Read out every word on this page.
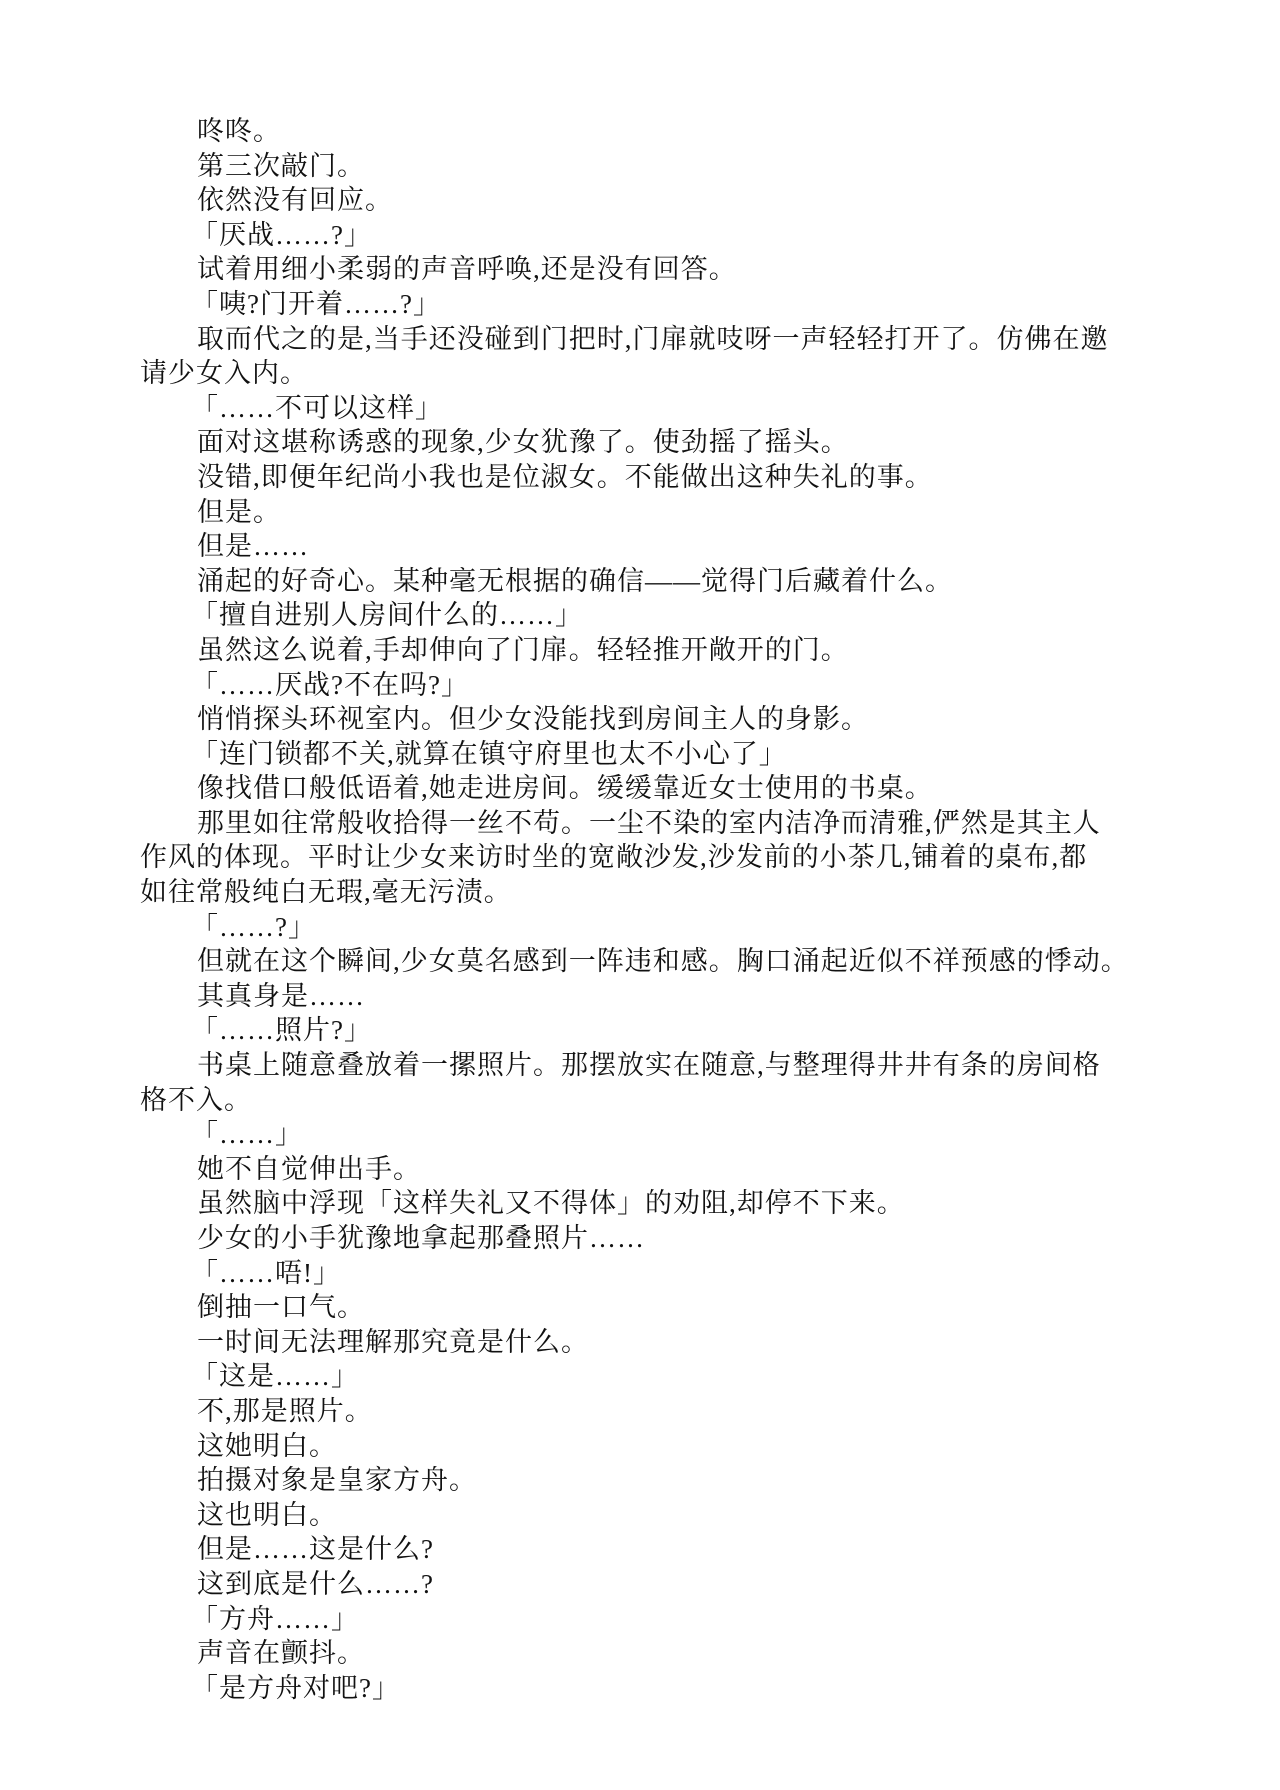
咚咚。

第三次敲门。

依然没有回应。

「厌战……?」

试着用细小柔弱的声音呼唤,还是没有回答。

「咦?门开着……?」

取而代之的是,当手还没碰到门把时,门扉就吱呀一声轻轻打开了。仿佛在邀

请少女入内。

「……不可以这样」

面对这堪称诱惑的现象,少女犹豫了。使劲摇了摇头。

没错,即便年纪尚小我也是位淑女。不能做出这种失礼的事。

但是。

但是……

涌起的好奇心。某种毫无根据的确信——觉得门后藏着什么。

「擅自进别人房间什么的……」

虽然这么说着,手却伸向了门扉。轻轻推开敞开的门。

「……厌战?不在吗?」

悄悄探头环视室内。但少女没能找到房间主人的身影。

「连门锁都不关,就算在镇守府里也太不小心了」

像找借口般低语着,她走进房间。缓缓靠近女士使用的书桌。

那里如往常般收拾得一丝不苟。一尘不染的室内洁净而清雅,俨然是其主人

作风的体现。平时让少女来访时坐的宽敞沙发,沙发前的小茶几,铺着的桌布,都

如往常般纯白无瑕,毫无污渍。

「……?」

但就在这个瞬间,少女莫名感到一阵违和感。胸口涌起近似不祥预感的悸动。

其真身是……

「……照片?」

书桌上随意叠放着一摞照片。那摆放实在随意,与整理得井井有条的房间格

格不入。

「……」

她不自觉伸出手。

虽然脑中浮现「这样失礼又不得体」的劝阻,却停不下来。

少女的小手犹豫地拿起那叠照片……

「……唔!」

倒抽一口气。

一时间无法理解那究竟是什么。

「这是……」

不,那是照片。

这她明白。

拍摄对象是皇家方舟。

这也明白。

但是……这是什么?

这到底是什么……?

「方舟……」

声音在颤抖。

「是方舟对吧?」
